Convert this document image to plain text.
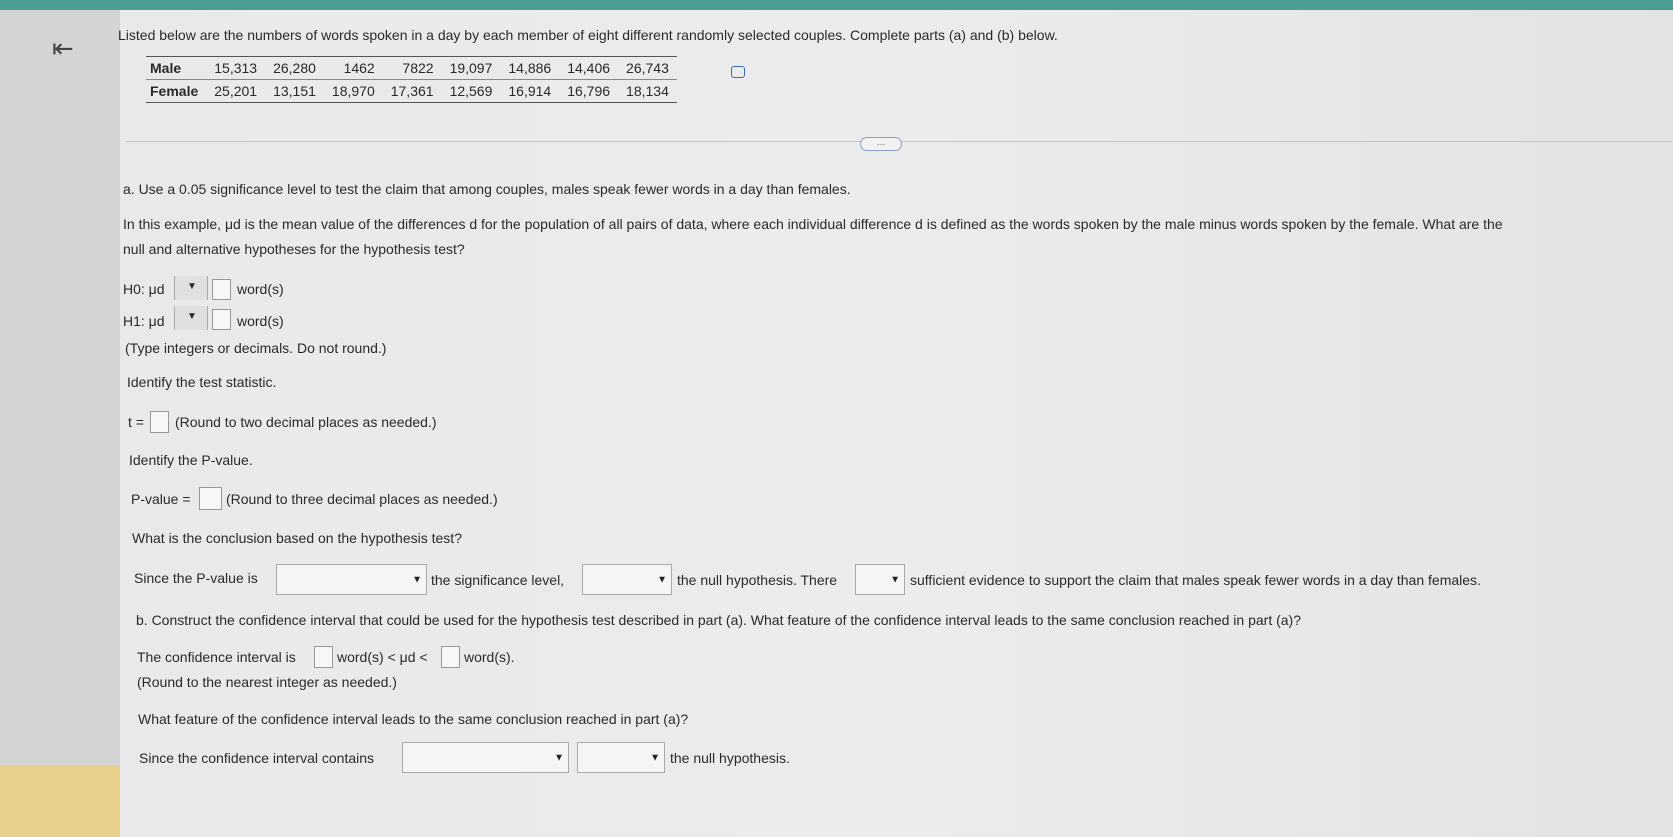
⇤	Listed below are the numbers of words spoken in a day by each member of eight different randomly selected couples. Complete parts (a) and (b) below.
Male	15,313	26,280	1462	7822	19,097	14,886	14,406	26,743
Female	25,201	13,151	18,970	17,361	12,569	16,914	16,796	18,134
...
a. Use a 0.05 significance level to test the claim that among couples, males speak fewer words in a day than females.
In this example, μd is the mean value of the differences d for the population of all pairs of data, where each individual difference d is defined as the words spoken by the male minus words spoken by the female. What are the
null and alternative hypotheses for the hypothesis test?
H0: μd ▼	word(s)
H1: μd ▼	word(s)
(Type integers or decimals. Do not round.)
Identify the test statistic.
t = (Round to two decimal places as needed.)
Identify the P-value.
P-value =	(Round to three decimal places as needed.)
What is the conclusion based on the hypothesis test?
Since the P-value is	▼ the significance level,	▼ the null hypothesis. There	▼ sufficient evidence to support the claim that males speak fewer words in a day than females.
b. Construct the confidence interval that could be used for the hypothesis test described in part (a). What feature of the confidence interval leads to the same conclusion reached in part (a)?
The confidence interval is	word(s) < μd <	word(s).
(Round to the nearest integer as needed.)
What feature of the confidence interval leads to the same conclusion reached in part (a)?
Since the confidence interval contains	▼	▼ the null hypothesis.
